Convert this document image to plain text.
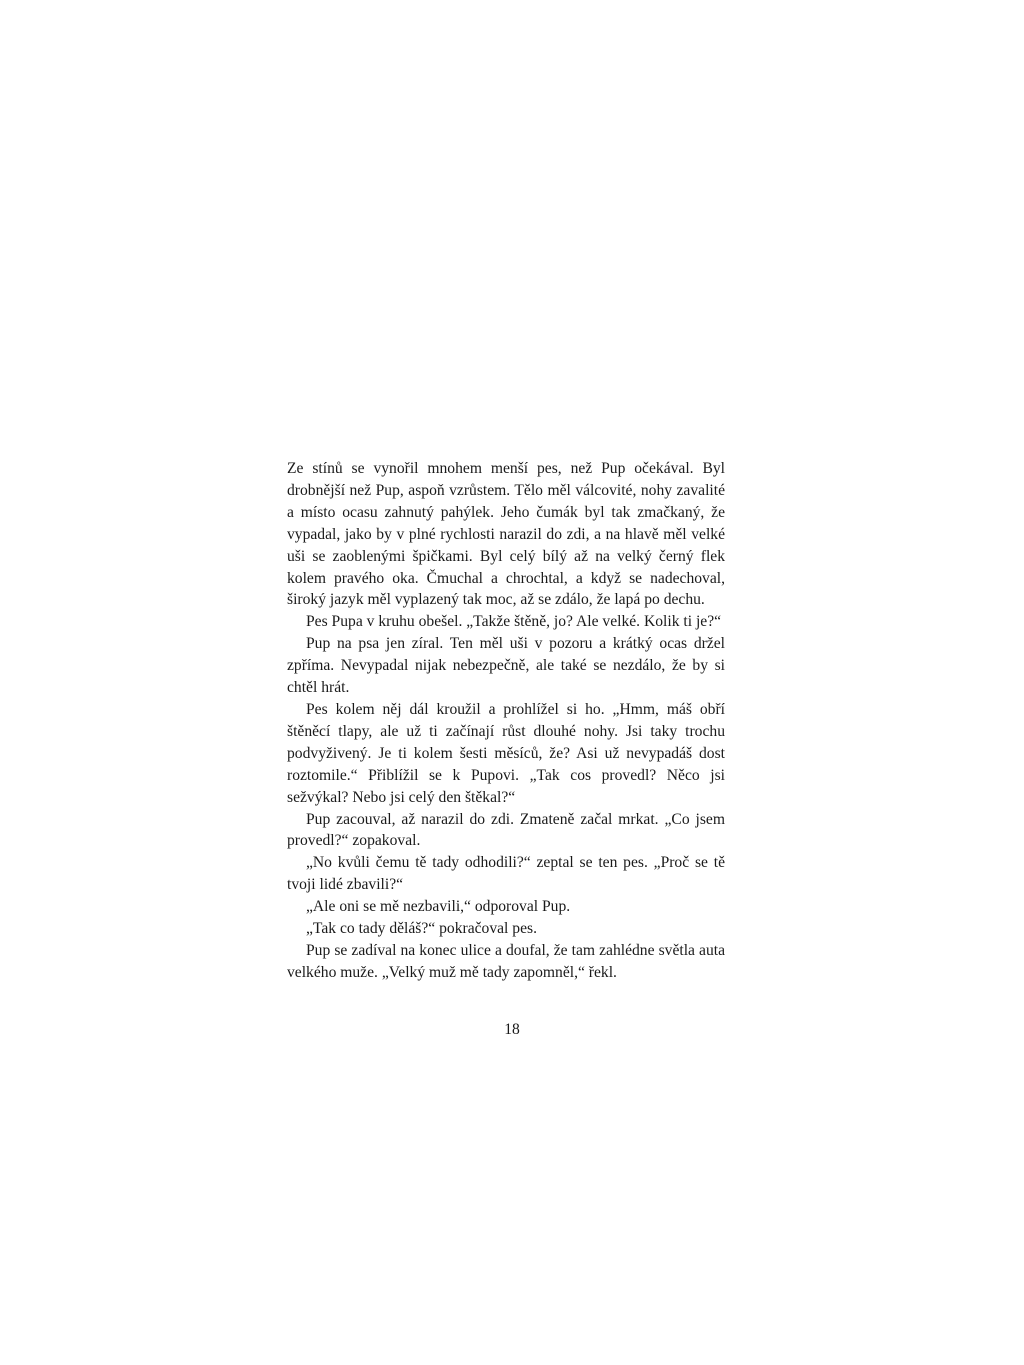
Ze stínů se vynořil mnohem menší pes, než Pup očekával. Byl drobnější než Pup, aspoň vzrůstem. Tělo měl válcovité, nohy zavalité a místo ocasu zahnutý pahýlek. Jeho čumák byl tak zmačkaný, že vypadal, jako by v plné rychlosti narazil do zdi, a na hlavě měl velké uši se zaoblenými špičkami. Byl celý bílý až na velký černý flek kolem pravého oka. Čmuchal a chrochtal, a když se nadechoval, široký jazyk měl vyplazený tak moc, až se zdálo, že lapá po dechu.

Pes Pupa v kruhu obešel. „Takže štěně, jo? Ale velké. Kolik ti je?“

Pup na psa jen zíral. Ten měl uši v pozoru a krátký ocas držel zpříma. Nevypadal nijak nebezpečně, ale také se nezdálo, že by si chtěl hrát.

Pes kolem něj dál kroužil a prohlížel si ho. „Hmm, máš obří štěněcí tlapy, ale už ti začínají růst dlouhé nohy. Jsi taky trochu podvyživený. Je ti kolem šesti měsíců, že? Asi už nevypadáš dost roztomile.“ Přiblížil se k Pupovi. „Tak cos provedl? Něco jsi sežvýkal? Nebo jsi celý den štěkal?“

Pup zacouval, až narazil do zdi. Zmateně začal mrkat. „Co jsem provedl?“ zopakoval.

„No kvůli čemu tě tady odhodili?“ zeptal se ten pes. „Proč se tě tvoji lidé zbavili?“

„Ale oni se mě nezbavili,“ odporoval Pup.

„Tak co tady děláš?“ pokračoval pes.

Pup se zadíval na konec ulice a doufal, že tam zahlédne světla auta velkého muže. „Velký muž mě tady zapomněl,“ řekl.

18
